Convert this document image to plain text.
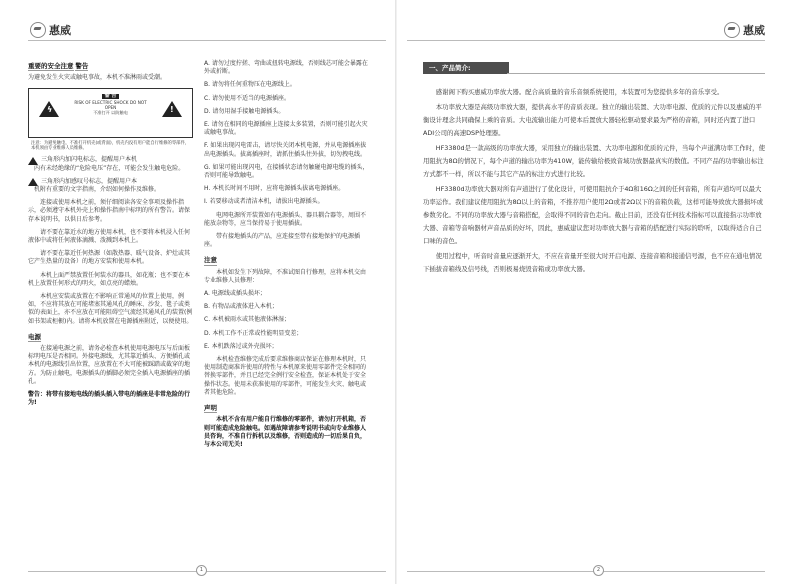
惠威
重要的安全注意 警告

为避免发生火灾或触电事故，本机不准淋雨或受潮。

ϟ
警 告
RISK OF ELECTRIC SHOCK DO NOT OPEN
不准打开 以防触电	!
注意：为避免触电，不准打开机壳(或背面)，机壳内没有用户能自行维修的零部件，本机须由专业维修人员维修。
三角形内加闪电标志，提醒用户本机

内有未经绝缘的“危险电压”存在，可能会发生触电危险。

三角形内加感叹号标志，提醒用户本

机附有重要的文字指南，介绍如何操作及维修。

连接或使用本机之前，须仔细阅读各安全事项及操作指示，必须遵守本机外壳上和操作指南中标明的所有警告。请保存本说明书，以供日后参考。

请不要在靠近水的地方使用本机，也不要将本机浸入任何液体中或将任何液体滴溅、泼溅到本机上。

请不要在靠近任何热源（如散热器、暖气设备、炉灶或其它产生热量的设备）的地方安装和使用本机。

本机上面严禁放置任何装水的器具，如花瓶；也不要在本机上放置任何形式的明火，如点亮的蜡烛。

本机应安装或放置在不影响正常通风的位置上使用，例如，不应将其放在可能堵塞其通风孔的睡床、沙发、毯子或类似的表面上，亦不应放在可能阻碍空气流经其通风孔的装置(例如书架或柜橱)内。请将本机放置在电源插座附近，以便使用。

电源

在接通电源之前，请务必检查本机使用电源电压与后面板标明电压是否相同。外接电源线，尤其靠近插头、方便插孔或本机的电源线引出位置，应放置在不大可能被踩踏或截穿的地方。为防止触电，电源插头的插脚必须完全插入电源插座的插孔。

警告：将带有接地电线的插头插入带电的插座是非常危险的行为!

A. 请勿过度拧搓、弯曲或扭转电源线，否则线芯可能会暴露在外或折断。

B. 请勿将任何重物压在电源线上。

C. 请勿使用不适当的电源插座。

D. 请勿用湿手接触电源插头。

E. 请勿在相同的电源插座上连接太多装置，否则可能引起火灾或触电事故。

F. 如果出现闪电雷击，请尽快关闭本机电源，并从电源插座拔出电源插头。拔离插座时，请抓住插头往外拔，切勿拽电线。

G. 如果可能出现闪电，在接插状态请勿触碰电源电缆的插头，否则可能导致触电。

H. 本机长时间不用时，应将电源插头拔离电源插座。

I. 若要移动或者清洁本机，请拔出电源插头。

电网电源所开装置如有电源插头、器具耦合器等，周围不能放杂物等，应当保持易于使用插拔。

带有接地插头的产品，应连接至带有接地保护的电源插座。

注意

本机如发生下列故障，不准试图自行修理，应将本机交由专业维修人员修理：

A. 电源线或插头损坏；

B. 有物品或液体进入本机；

C. 本机被雨水或其他液体淋湿；

D. 本机工作不正常或性能明显变差；

E. 本机跌落过或外壳损坏；

本机检查维修完成后要求维修商店保证在修理本机时，只使用制造商准许使用的特性与本机原来使用零部件完全相同的替换零部件，并且已经完全例行安全检查，保证本机处于安全操作状态。使用未获准使用的零部件，可能发生火灾、触电或者其他危险。

声明

本机不含有用户能自行维修的零部件，请勿打开机箱，否则可能造成危险触电。如遇故障请参考说明书或向专业维修人员咨询，不准自行拆机以及维修，否则造成的一切后果自负，与本公司无关!

1
惠威
一、产品简介:

感谢阁下购买惠威功率放大器。配合高质量的音乐音频系统使用，本装置可为您提供多年的音乐享受。

本功率放大器是高级功率放大器，提供高水平的音质表现。独立的输出装置、大功率电源、优质的元件以及惠威的平衡设计理念共同确保上乘的音质。大电流输出能力可使本后置放大器轻松驱动要求最为严格的音箱，同时还内置了进口ADI公司的高速DSP处理器。

HF3380d是一款高级的功率放大器，采用独立的输出装置、大功率电源和优质的元件，当每个声道满功率工作时，使用阻抗为8Ω的情况下，每个声道的输出功率为410W，能传输给极致音域功放器最真实的数值。不同产品的功率输出标注方式都不一样，所以不能与其它产品的标注方式进行比较。

HF3380d功率放大器对所有声道进行了优化设计，可使用阻抗介于4Ω和16Ω之间的任何音箱，所有声道均可以最大功率运作。我们建议使用阻抗为8Ω以上的音箱，不推荐用户使用2Ω或者2Ω以下的音箱负载，这样可能导致放大器损坏或参数劣化。不同的功率放大器与音箱搭配，会取得不同的音色走向。截止目前，还没有任何技术指标可以直接指示功率放大器、音箱等音响器材声音品质的好坏，因此，惠威建议您对功率放大器与音箱的搭配进行实际的聆听，以取得适合自己口味的音色。

使用过程中，听音时音量应逐渐开大，不应在音量开至很大时开启电源、连接音箱和接通信号源，也不应在通电情况下插拔音箱线及信号线，否则极易烧毁音箱或功率放大器。

2
